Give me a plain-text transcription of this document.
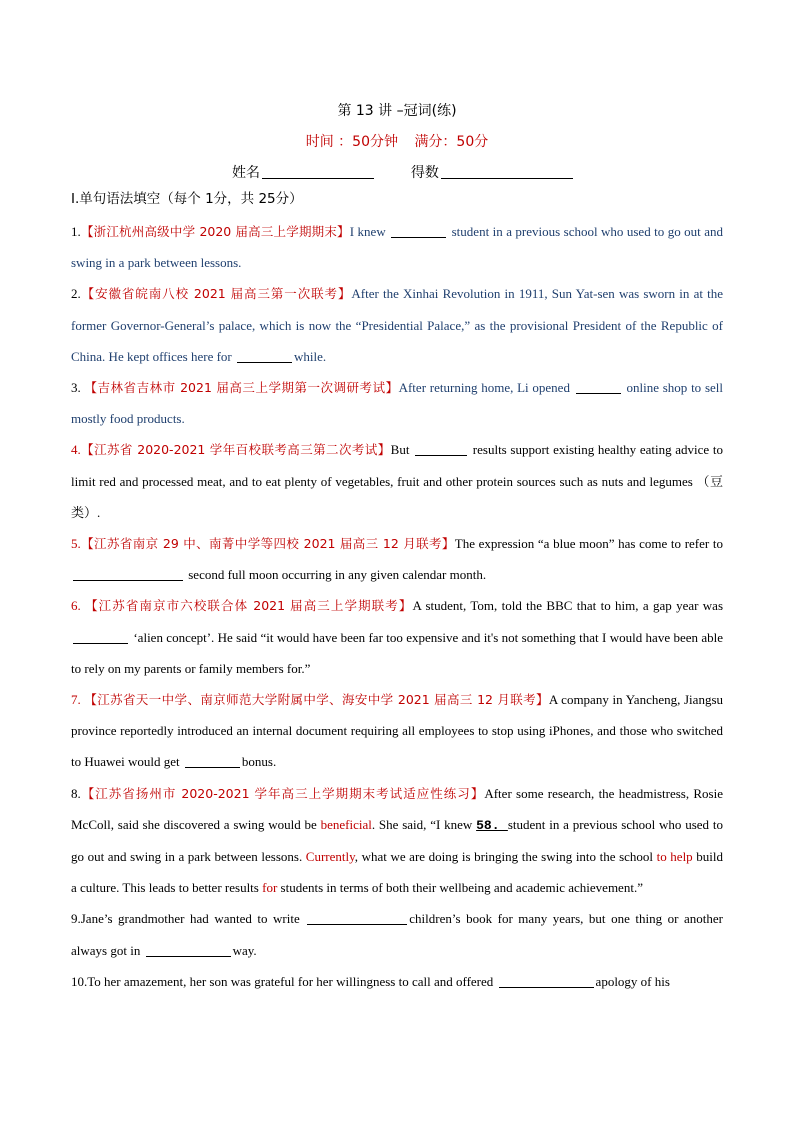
第 13 讲 –冠词(练)
时间 ：50分钟 满分：50分
姓名	得数
Ⅰ.单句语法填空（每个 1分，共 25分）

1.【浙江杭州高级中学 2020 届高三上学期期末】I knew	student in a previous school who used to go out and swing in a park between lessons.

2.【安徽省皖南八校 2021 届高三第一次联考】After the Xinhai Revolution in 1911, Sun Yat-sen was sworn in at the former Governor-General’s palace, which is now the “Presidential Palace,” as the provisional President of the Republic of China. He kept offices here for	while.

3. 【吉林省吉林市 2021 届高三上学期第一次调研考试】After returning home, Li opened	online shop to sell mostly food products.

4.【江苏省 2020-2021 学年百校联考高三第二次考试】But	results support existing healthy eating advice to limit red and processed meat, and to eat plenty of vegetables, fruit and other protein sources such as nuts and legumes （豆类）.

5.【江苏省南京 29 中、南菁中学等四校 2021 届高三 12 月联考】The expression “a blue moon” has come to refer to  second full moon occurring in any given calendar month.

6. 【江苏省南京市六校联合体 2021 届高三上学期联考】A student, Tom, told the BBC that to him, a gap year was  ‘alien concept’. He said “it would have been far too expensive and it's not something that I would have been able to rely on my parents or family members for.”

7. 【江苏省天一中学、南京师范大学附属中学、海安中学 2021 届高三 12 月联考】A company in Yancheng, Jiangsu province reportedly introduced an internal document requiring all employees to stop using iPhones, and those who switched to Huawei would get	bonus.

8.【江苏省扬州市 2020-2021 学年高三上学期期末考试适应性练习】After some research, the headmistress, Rosie McColl, said she discovered a swing would be beneficial. She said, “I knew 58. student in a previous school who used to go out and swing in a park between lessons. Currently, what we are doing is bringing the swing into the school to help build a culture. This leads to better results for students in terms of both their wellbeing and academic achievement.”

9.Jane’s grandmother had wanted to write	children’s book for many years, but one thing or another always got in	way.

10.To her amazement, her son was grateful for her willingness to call and offered	apology of his
